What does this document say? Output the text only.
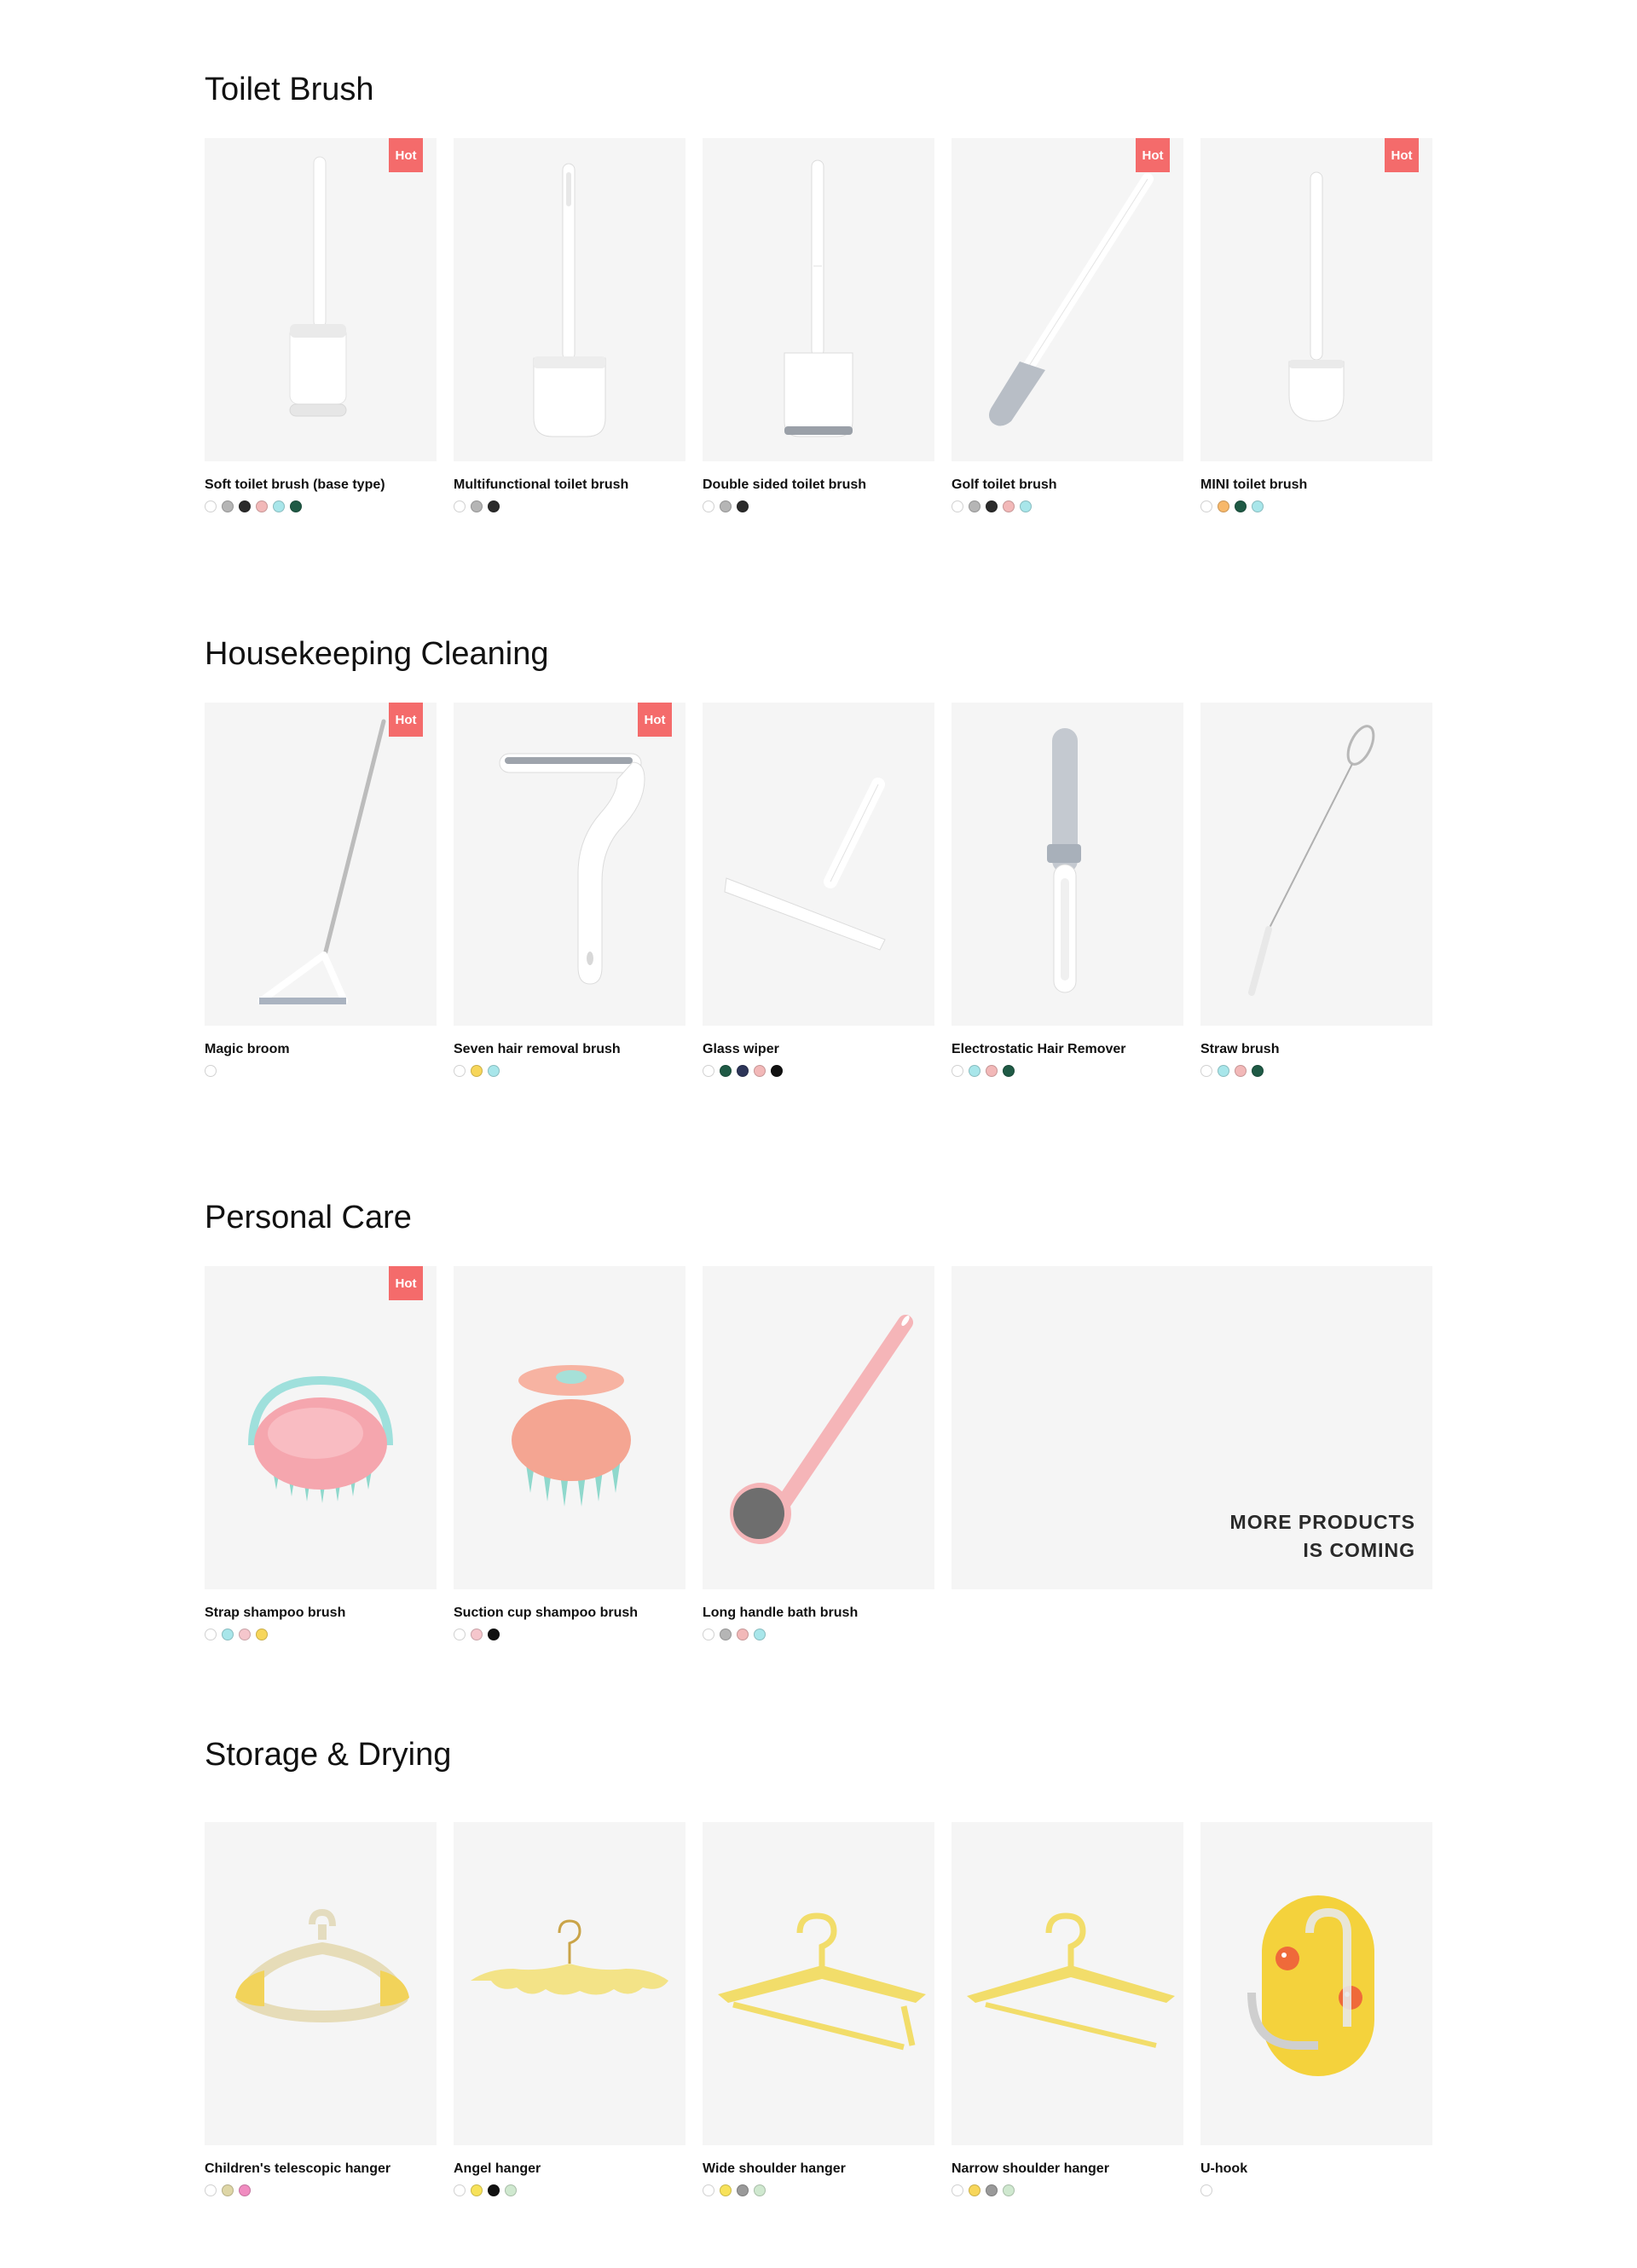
Toilet Brush
Hot
Soft toilet brush (base type)	Multifunctional toilet brush	Double sided toilet brush
Hot
Golf toilet brush
Hot
MINI toilet brush
Housekeeping Cleaning
Hot
Magic broom
Hot
Seven hair removal brush	Glass wiper	Electrostatic Hair Remover	Straw brush
Personal Care
Hot
Strap shampoo brush	Suction cup shampoo brush	Long handle bath brush
MORE PRODUCTS
IS COMING
Storage & Drying
Children's telescopic hanger	Angel hanger	Wide shoulder hanger	Narrow shoulder hanger	U-hook
